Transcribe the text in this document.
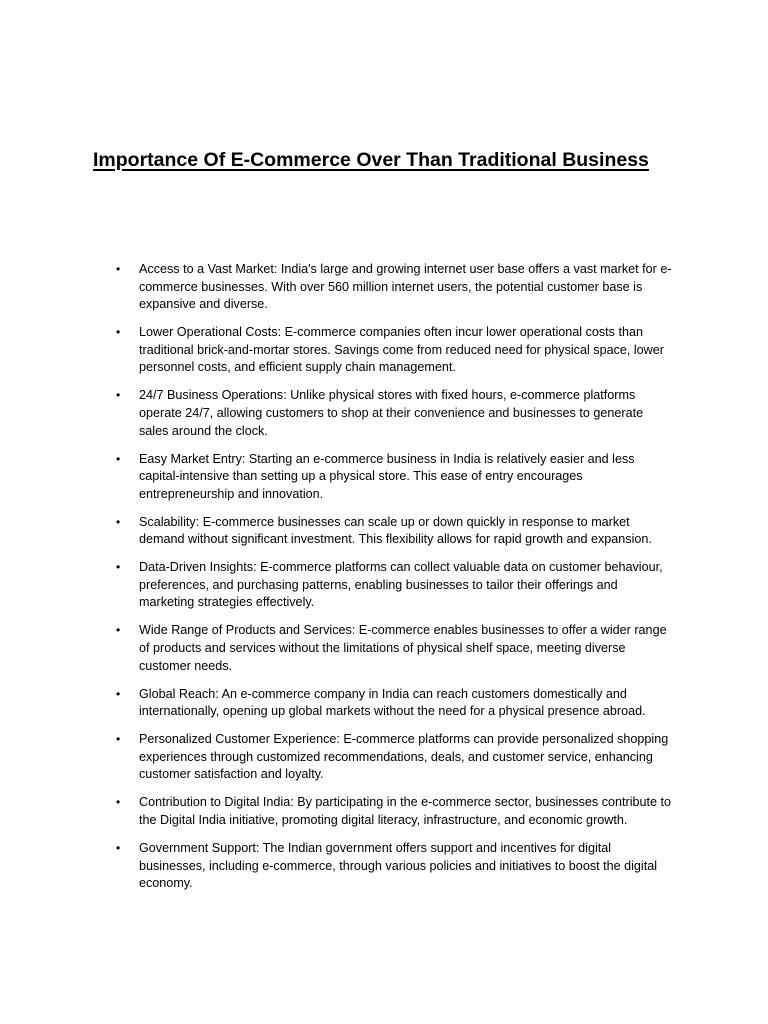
Importance Of E-Commerce Over Than Traditional Business
• Access to a Vast Market: India's large and growing internet user base offers a vast market for e-commerce businesses. With over 560 million internet users, the potential customer base is expansive and diverse.
• Lower Operational Costs: E-commerce companies often incur lower operational costs than traditional brick-and-mortar stores. Savings come from reduced need for physical space, lower personnel costs, and efficient supply chain management.
• 24/7 Business Operations: Unlike physical stores with fixed hours, e-commerce platforms operate 24/7, allowing customers to shop at their convenience and businesses to generate sales around the clock.
• Easy Market Entry: Starting an e-commerce business in India is relatively easier and less capital-intensive than setting up a physical store. This ease of entry encourages entrepreneurship and innovation.
• Scalability: E-commerce businesses can scale up or down quickly in response to market demand without significant investment. This flexibility allows for rapid growth and expansion.
• Data-Driven Insights: E-commerce platforms can collect valuable data on customer behaviour, preferences, and purchasing patterns, enabling businesses to tailor their offerings and marketing strategies effectively.
• Wide Range of Products and Services: E-commerce enables businesses to offer a wider range of products and services without the limitations of physical shelf space, meeting diverse customer needs.
• Global Reach: An e-commerce company in India can reach customers domestically and internationally, opening up global markets without the need for a physical presence abroad.
• Personalized Customer Experience: E-commerce platforms can provide personalized shopping experiences through customized recommendations, deals, and customer service, enhancing customer satisfaction and loyalty.
• Contribution to Digital India: By participating in the e-commerce sector, businesses contribute to the Digital India initiative, promoting digital literacy, infrastructure, and economic growth.
• Government Support: The Indian government offers support and incentives for digital businesses, including e-commerce, through various policies and initiatives to boost the digital economy.
